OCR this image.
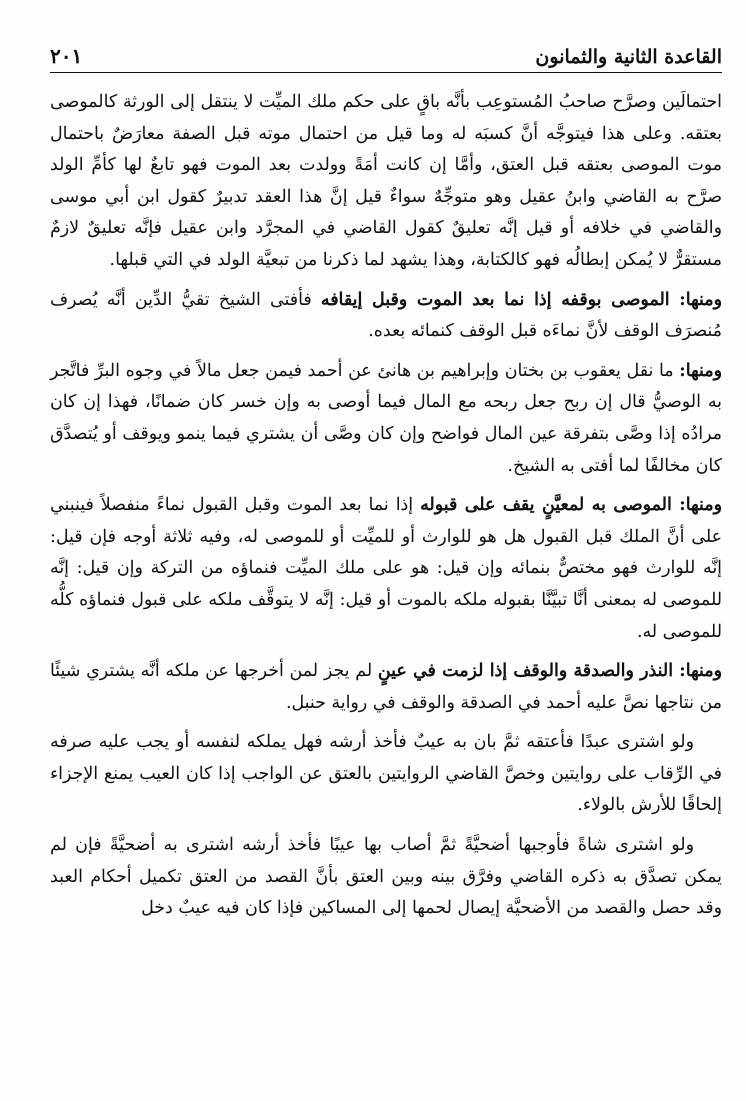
القاعدة الثانية والثمانون
٢٠١

احتمالَين وصرَّح صاحبُ المُستوعِب بأنَّه باقٍ على حكم ملك الميِّت لا ينتقل إلى الورثة كالموصى بعتقه. وعلى هذا فيتوجَّه أنَّ كسبَه له وما قيل من احتمال موته قبل الصفة معارَضٌ باحتمال موت الموصى بعتقه قبل العتق، وأمَّا إن كانت أمَةً وولدت بعد الموت فهو تابعٌ لها كأمِّ الولد صرَّح به القاضي وابنُ عقيل وهو متوجِّهٌ سواءٌ قيل إنَّ هذا العقد تدبيرٌ كقول ابن أبي موسى والقاضي في خلافه أو قيل إنَّه تعليقٌ كقول القاضي في المجرَّد وابن عقيل فإنَّه تعليقٌ لازمٌ مستقرٌّ لا يُمكن إبطالُه فهو كالكتابة، وهذا يشهد لما ذكرنا من تبعيَّة الولد في التي قبلها.

ومنها: الموصى بوقفه إذا نما بعد الموت وقبل إيقافه فأفتى الشيخ تقيُّ الدِّين أنَّه يُصرف مُنصرَف الوقف لأنَّ نماءَه قبل الوقف كنمائه بعده.

ومنها: ما نقل يعقوب بن بختان وإبراهيم بن هانئ عن أحمد فيمن جعل مالاً في وجوه البرِّ فاتَّجر به الوصيُّ قال إن ربح جعل ربحه مع المال فيما أوصى به وإن خسر كان ضمانًا، فهذا إن كان مرادُه إذا وصَّى بتفرقة عين المال فواضح وإن كان وصَّى أن يشتري فيما ينمو ويوقف أو يُتصدَّق كان مخالفًا لما أفتى به الشيخ.

ومنها: الموصى به لمعيَّنٍ يقف على قبوله إذا نما بعد الموت وقبل القبول نماءً منفصلاً فينبني على أنَّ الملك قبل القبول هل هو للوارث أو للميِّت أو للموصى له، وفيه ثلاثة أوجه فإن قيل: إنَّه للوارث فهو مختصٌّ بنمائه وإن قيل: هو على ملك الميِّت فنماؤه من التركة وإن قيل: إنَّه للموصى له بمعنى أنَّا تبيَّنَّا بقبوله ملكه بالموت أو قيل: إنَّه لا يتوقَّف ملكه على قبول فنماؤه كلُّه للموصى له.

ومنها: النذر والصدقة والوقف إذا لزمت في عينٍ لم يجز لمن أخرجها عن ملكه أنَّه يشتري شيئًا من نتاجها نصَّ عليه أحمد في الصدقة والوقف في رواية حنبل.

ولو اشترى عبدًا فأعتقه ثمَّ بان به عيبٌ فأخذ أرشه فهل يملكه لنفسه أو يجب عليه صرفه في الرِّقاب على روايتين وخصَّ القاضي الروايتين بالعتق عن الواجب إذا كان العيب يمنع الإجزاء إلحاقًا للأرش بالولاء.

ولو اشترى شاةً فأوجبها أضحيَّةً ثمَّ أصاب بها عيبًا فأخذ أرشه اشترى به أضحيَّةً فإن لم يمكن تصدَّق به ذكره القاضي وفرَّق بينه وبين العتق بأنَّ القصد من العتق تكميل أحكام العبد وقد حصل والقصد من الأضحيَّة إيصال لحمها إلى المساكين فإذا كان فيه عيبٌ دخل
